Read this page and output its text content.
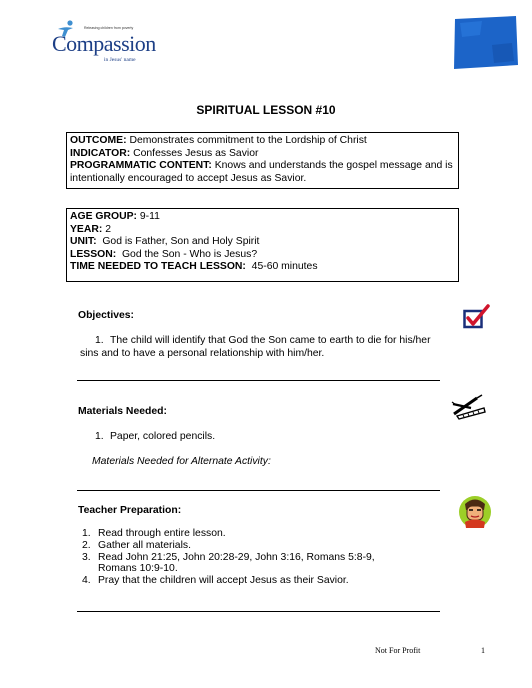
Releasing children from poverty
Compassion
in Jesus' name
SPIRITUAL LESSON #10
OUTCOME: Demonstrates commitment to the Lordship of Christ
INDICATOR: Confesses Jesus as Savior
PROGRAMMATIC CONTENT: Knows and understands the gospel message and is intentionally encouraged to accept Jesus as Savior.
AGE GROUP: 9-11
YEAR: 2
UNIT: God is Father, Son and Holy Spirit
LESSON: God the Son - Who is Jesus?
TIME NEEDED TO TEACH LESSON: 45-60 minutes
Objectives:
1. The child will identify that God the Son came to earth to die for his/her sins and to have a personal relationship with him/her.
Materials Needed:
1. Paper, colored pencils.
Materials Needed for Alternate Activity:
Teacher Preparation:
1. Read through entire lesson.
2. Gather all materials.
3. Read John 21:25, John 20:28-29, John 3:16, Romans 5:8-9, Romans 10:9-10.
4. Pray that the children will accept Jesus as their Savior.
Not For Profit	1
